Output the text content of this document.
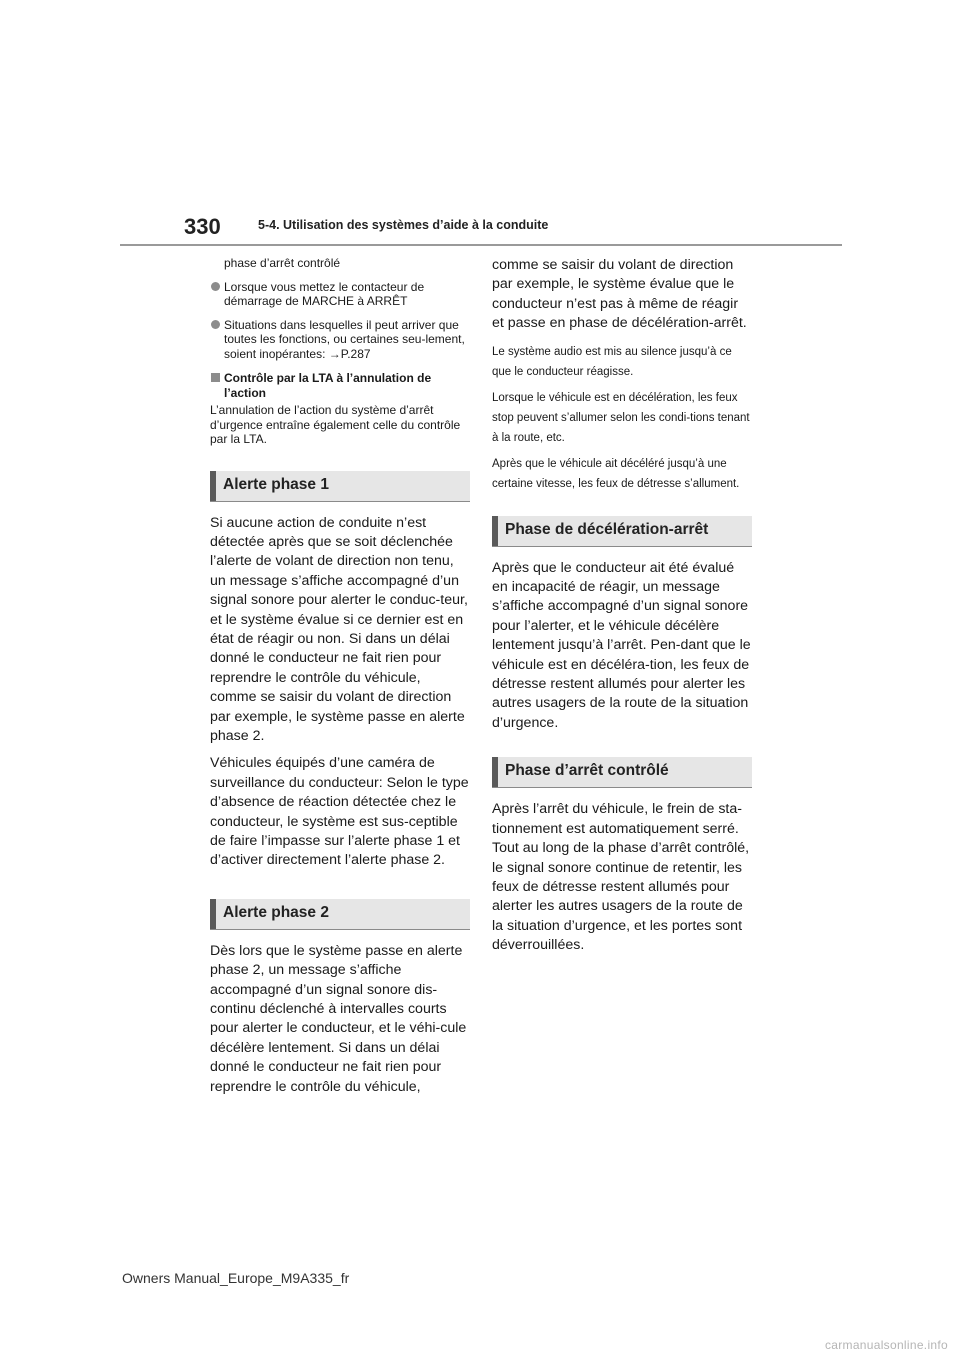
330	5-4. Utilisation des systèmes d’aide à la conduite

phase d’arrêt contrôlé

Lorsque vous mettez le contacteur de démarrage de MARCHE à ARRÊT
Situations dans lesquelles il peut arriver que toutes les fonctions, ou certaines seu-lement, soient inopérantes: →P.287
Contrôle par la LTA à l’annulation de l’action

L’annulation de l’action du système d’arrêt d’urgence entraîne également celle du contrôle par la LTA.

Alerte phase 1

Si aucune action de conduite n’est détectée après que se soit déclenchée l’alerte de volant de direction non tenu, un message s’affiche accompagné d’un signal sonore pour alerter le conduc-teur, et le système évalue si ce dernier est en état de réagir ou non. Si dans un délai donné le conducteur ne fait rien pour reprendre le contrôle du véhicule, comme se saisir du volant de direction par exemple, le système passe en alerte phase 2.

Véhicules équipés d’une caméra de surveillance du conducteur: Selon le type d’absence de réaction détectée chez le conducteur, le système est sus-ceptible de faire l’impasse sur l’alerte phase 1 et d’activer directement l’alerte phase 2.

Alerte phase 2

Dès lors que le système passe en alerte phase 2, un message s’affiche accompagné d’un signal sonore dis-continu déclenché à intervalles courts pour alerter le conducteur, et le véhi-cule décélère lentement. Si dans un délai donné le conducteur ne fait rien pour reprendre le contrôle du véhicule,

comme se saisir du volant de direction par exemple, le système évalue que le conducteur n’est pas à même de réagir et passe en phase de décélération-arrêt.

Le système audio est mis au silence jusqu’à ce que le conducteur réagisse.

Lorsque le véhicule est en décélération, les feux stop peuvent s’allumer selon les condi-tions tenant à la route, etc.

Après que le véhicule ait décéléré jusqu’à une certaine vitesse, les feux de détresse s’allument.

Phase de décélération-arrêt

Après que le conducteur ait été évalué en incapacité de réagir, un message s’affiche accompagné d’un signal sonore pour l’alerter, et le véhicule décélère lentement jusqu’à l’arrêt. Pen-dant que le véhicule est en décéléra-tion, les feux de détresse restent allumés pour alerter les autres usagers de la route de la situation d’urgence.

Phase d’arrêt contrôlé

Après l’arrêt du véhicule, le frein de sta-tionnement est automatiquement serré. Tout au long de la phase d’arrêt contrôlé, le signal sonore continue de retentir, les feux de détresse restent allumés pour alerter les autres usagers de la route de la situation d’urgence, et les portes sont déverrouillées.

Owners Manual_Europe_M9A335_fr
carmanualsonline.info
